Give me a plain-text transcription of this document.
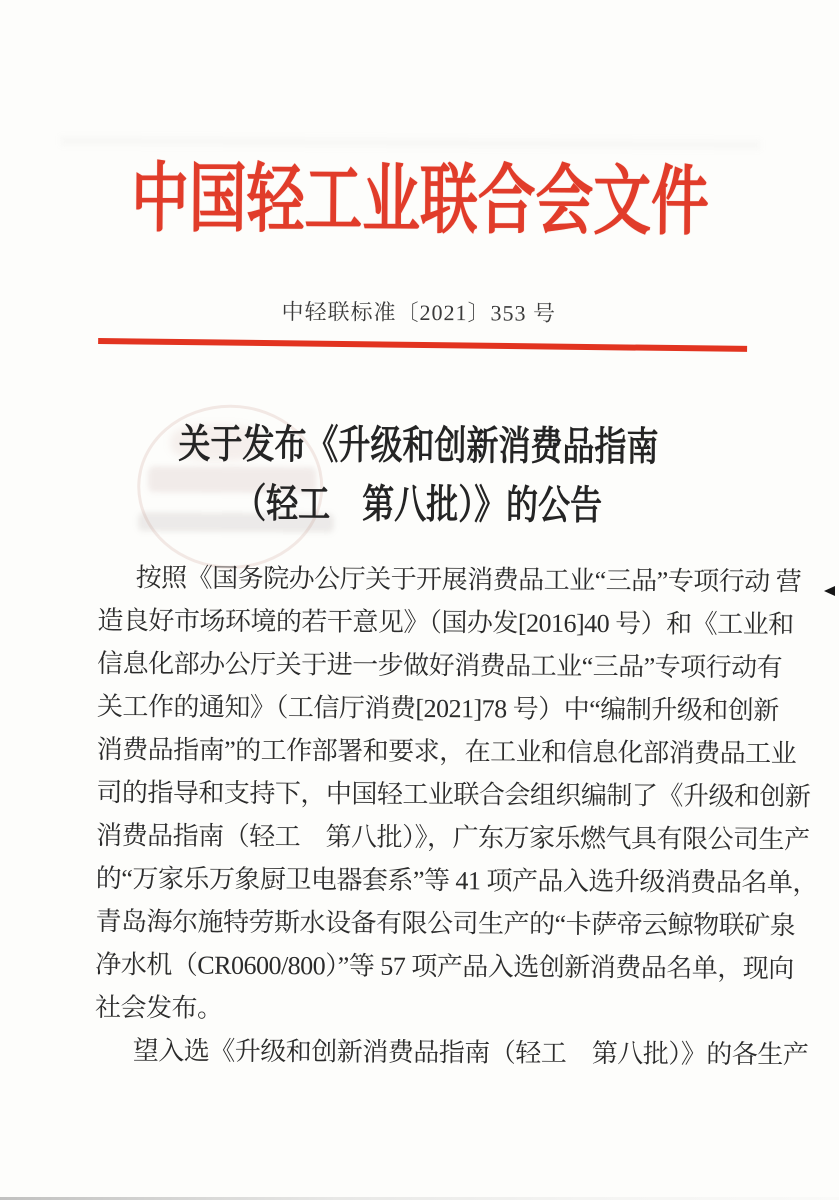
中国轻工业联合会文件
中轻联标准〔2021〕353 号
关于发布《升级和创新消费品指南
（轻工　第八批）》的公告
按照《国务院办公厅关于开展消费品工业“三品”专项行动 营
造良好市场环境的若干意见》（国办发[2016]40 号）和《工业和
信息化部办公厅关于进一步做好消费品工业“三品”专项行动有
关工作的通知》（工信厅消费[2021]78 号）中“编制升级和创新
消费品指南”的工作部署和要求，在工业和信息化部消费品工业
司的指导和支持下，中国轻工业联合会组织编制了《升级和创新
消费品指南（轻工　第八批）》，广东万家乐燃气具有限公司生产
的“万家乐万象厨卫电器套系”等 41 项产品入选升级消费品名单，
青岛海尔施特劳斯水设备有限公司生产的“卡萨帝云鲸物联矿泉
净水机（CR0600/800）”等 57 项产品入选创新消费品名单，现向
社会发布。
望入选《升级和创新消费品指南（轻工　第八批）》的各生产
